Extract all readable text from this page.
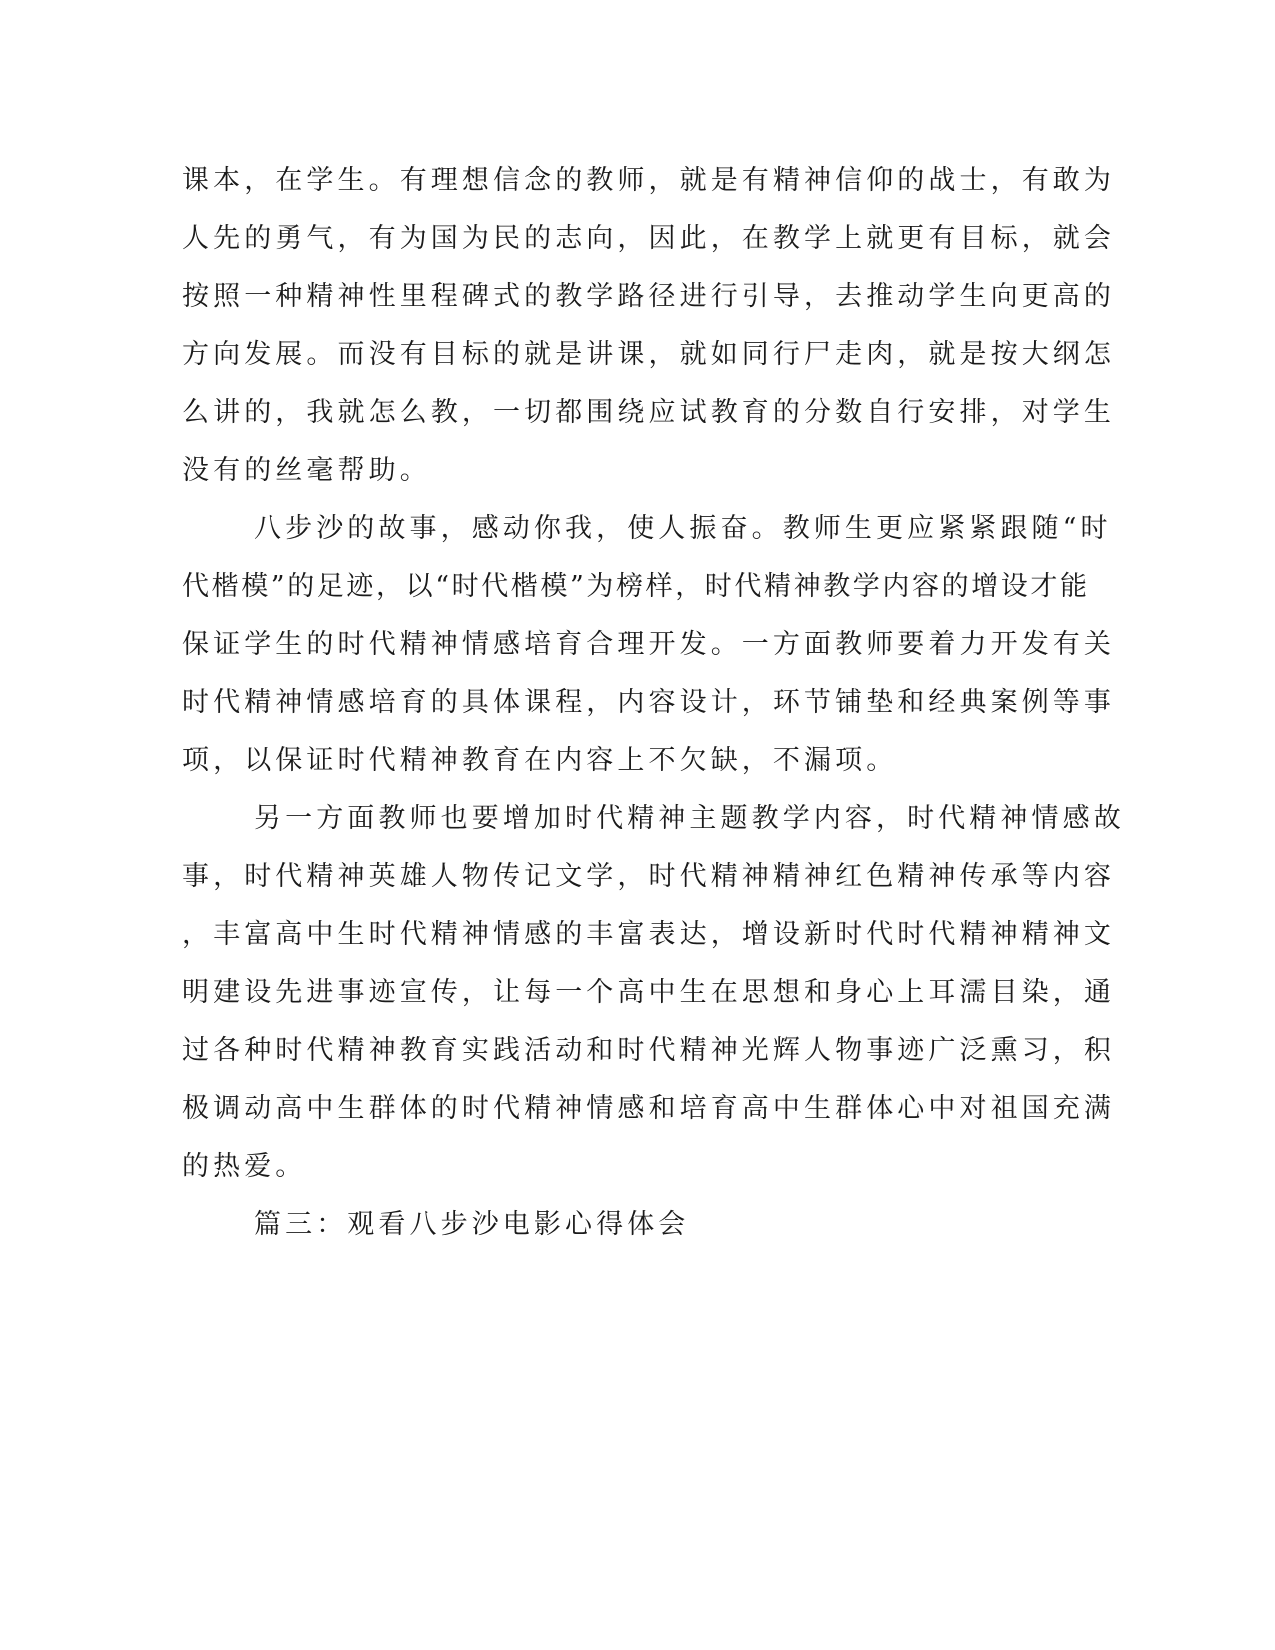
课本，在学生。有理想信念的教师，就是有精神信仰的战士，有敢为
人先的勇气，有为国为民的志向，因此，在教学上就更有目标，就会
按照一种精神性里程碑式的教学路径进行引导，去推动学生向更高的
方向发展。而没有目标的就是讲课，就如同行尸走肉，就是按大纲怎
么讲的，我就怎么教，一切都围绕应试教育的分数自行安排，对学生
没有的丝毫帮助。
八步沙的故事，感动你我，使人振奋。教师生更应紧紧跟随“时
代楷模”的足迹，以“时代楷模”为榜样，时代精神教学内容的增设才能
保证学生的时代精神情感培育合理开发。一方面教师要着力开发有关
时代精神情感培育的具体课程，内容设计，环节铺垫和经典案例等事
项，以保证时代精神教育在内容上不欠缺，不漏项。
另一方面教师也要增加时代精神主题教学内容，时代精神情感故
事，时代精神英雄人物传记文学，时代精神精神红色精神传承等内容
，丰富高中生时代精神情感的丰富表达，增设新时代时代精神精神文
明建设先进事迹宣传，让每一个高中生在思想和身心上耳濡目染，通
过各种时代精神教育实践活动和时代精神光辉人物事迹广泛熏习，积
极调动高中生群体的时代精神情感和培育高中生群体心中对祖国充满
的热爱。
篇三：观看八步沙电影心得体会
